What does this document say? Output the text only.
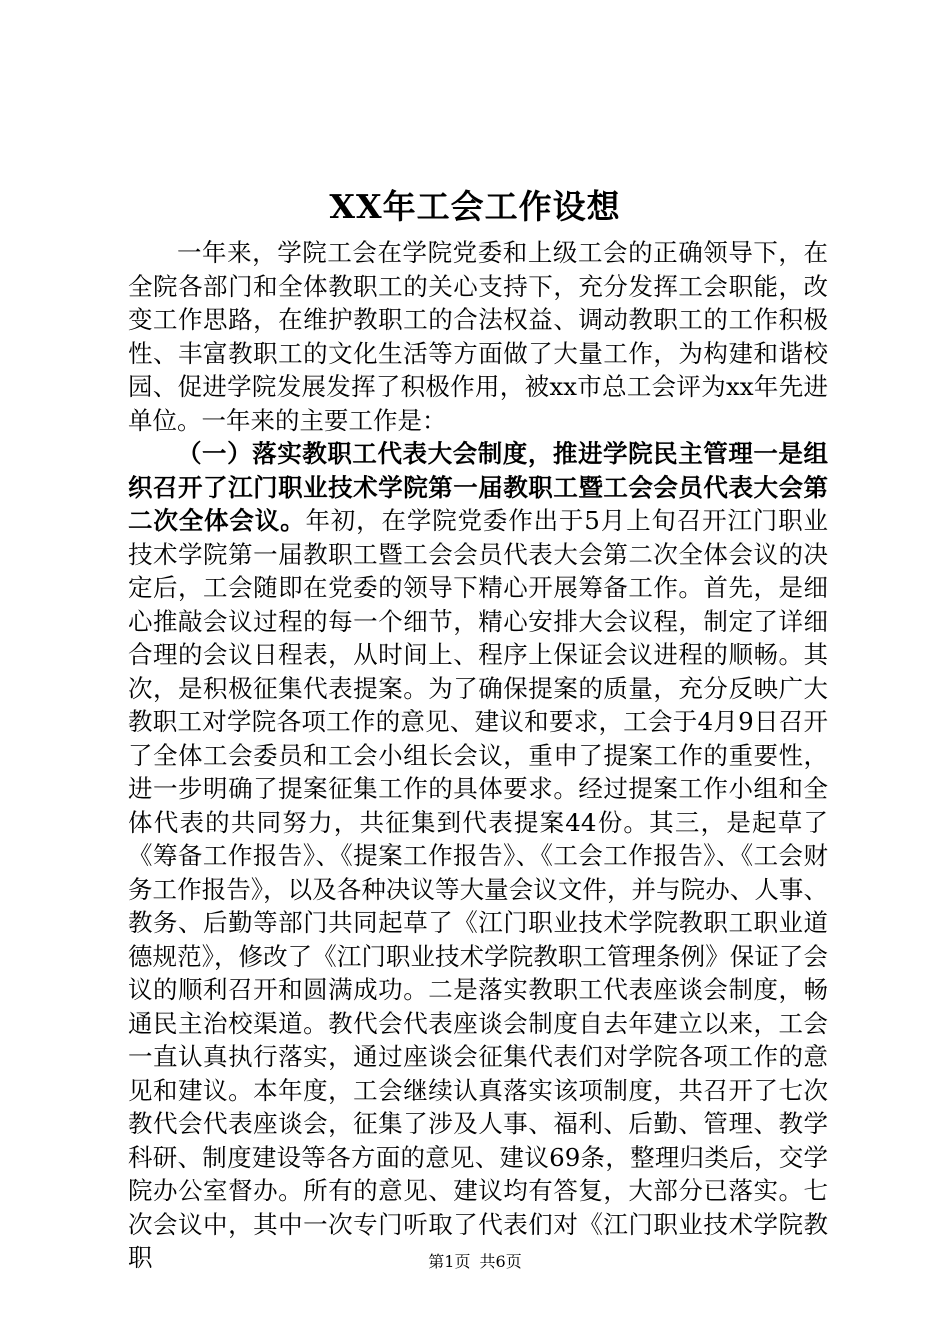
XX年工会工作设想

一年来，学院工会在学院党委和上级工会的正确领导下，在全院各部门和全体教职工的关心支持下，充分发挥工会职能，改变工作思路，在维护教职工的合法权益、调动教职工的工作积极性、丰富教职工的文化生活等方面做了大量工作，为构建和谐校园、促进学院发展发挥了积极作用，被xx市总工会评为xx年先进单位。一年来的主要工作是：

（一）落实教职工代表大会制度，推进学院民主管理一是组织召开了江门职业技术学院第一届教职工暨工会会员代表大会第二次全体会议。年初，在学院党委作出于5月上旬召开江门职业技术学院第一届教职工暨工会会员代表大会第二次全体会议的决定后，工会随即在党委的领导下精心开展筹备工作。首先，是细心推敲会议过程的每一个细节，精心安排大会议程，制定了详细合理的会议日程表，从时间上、程序上保证会议进程的顺畅。其次，是积极征集代表提案。为了确保提案的质量，充分反映广大教职工对学院各项工作的意见、建议和要求，工会于4月9日召开了全体工会委员和工会小组长会议，重申了提案工作的重要性，进一步明确了提案征集工作的具体要求。经过提案工作小组和全体代表的共同努力，共征集到代表提案44份。其三，是起草了《筹备工作报告》、《提案工作报告》、《工会工作报告》、《工会财务工作报告》，以及各种决议等大量会议文件，并与院办、人事、教务、后勤等部门共同起草了《江门职业技术学院教职工职业道德规范》，修改了《江门职业技术学院教职工管理条例》保证了会议的顺利召开和圆满成功。二是落实教职工代表座谈会制度，畅通民主治校渠道。教代会代表座谈会制度自去年建立以来，工会一直认真执行落实，通过座谈会征集代表们对学院各项工作的意见和建议。本年度，工会继续认真落实该项制度，共召开了七次教代会代表座谈会，征集了涉及人事、福利、后勤、管理、教学科研、制度建设等各方面的意见、建议69条，整理归类后，交学院办公室督办。所有的意见、建议均有答复，大部分已落实。七次会议中，其中一次专门听取了代表们对《江门职业技术学院教职	第1页 共6页
